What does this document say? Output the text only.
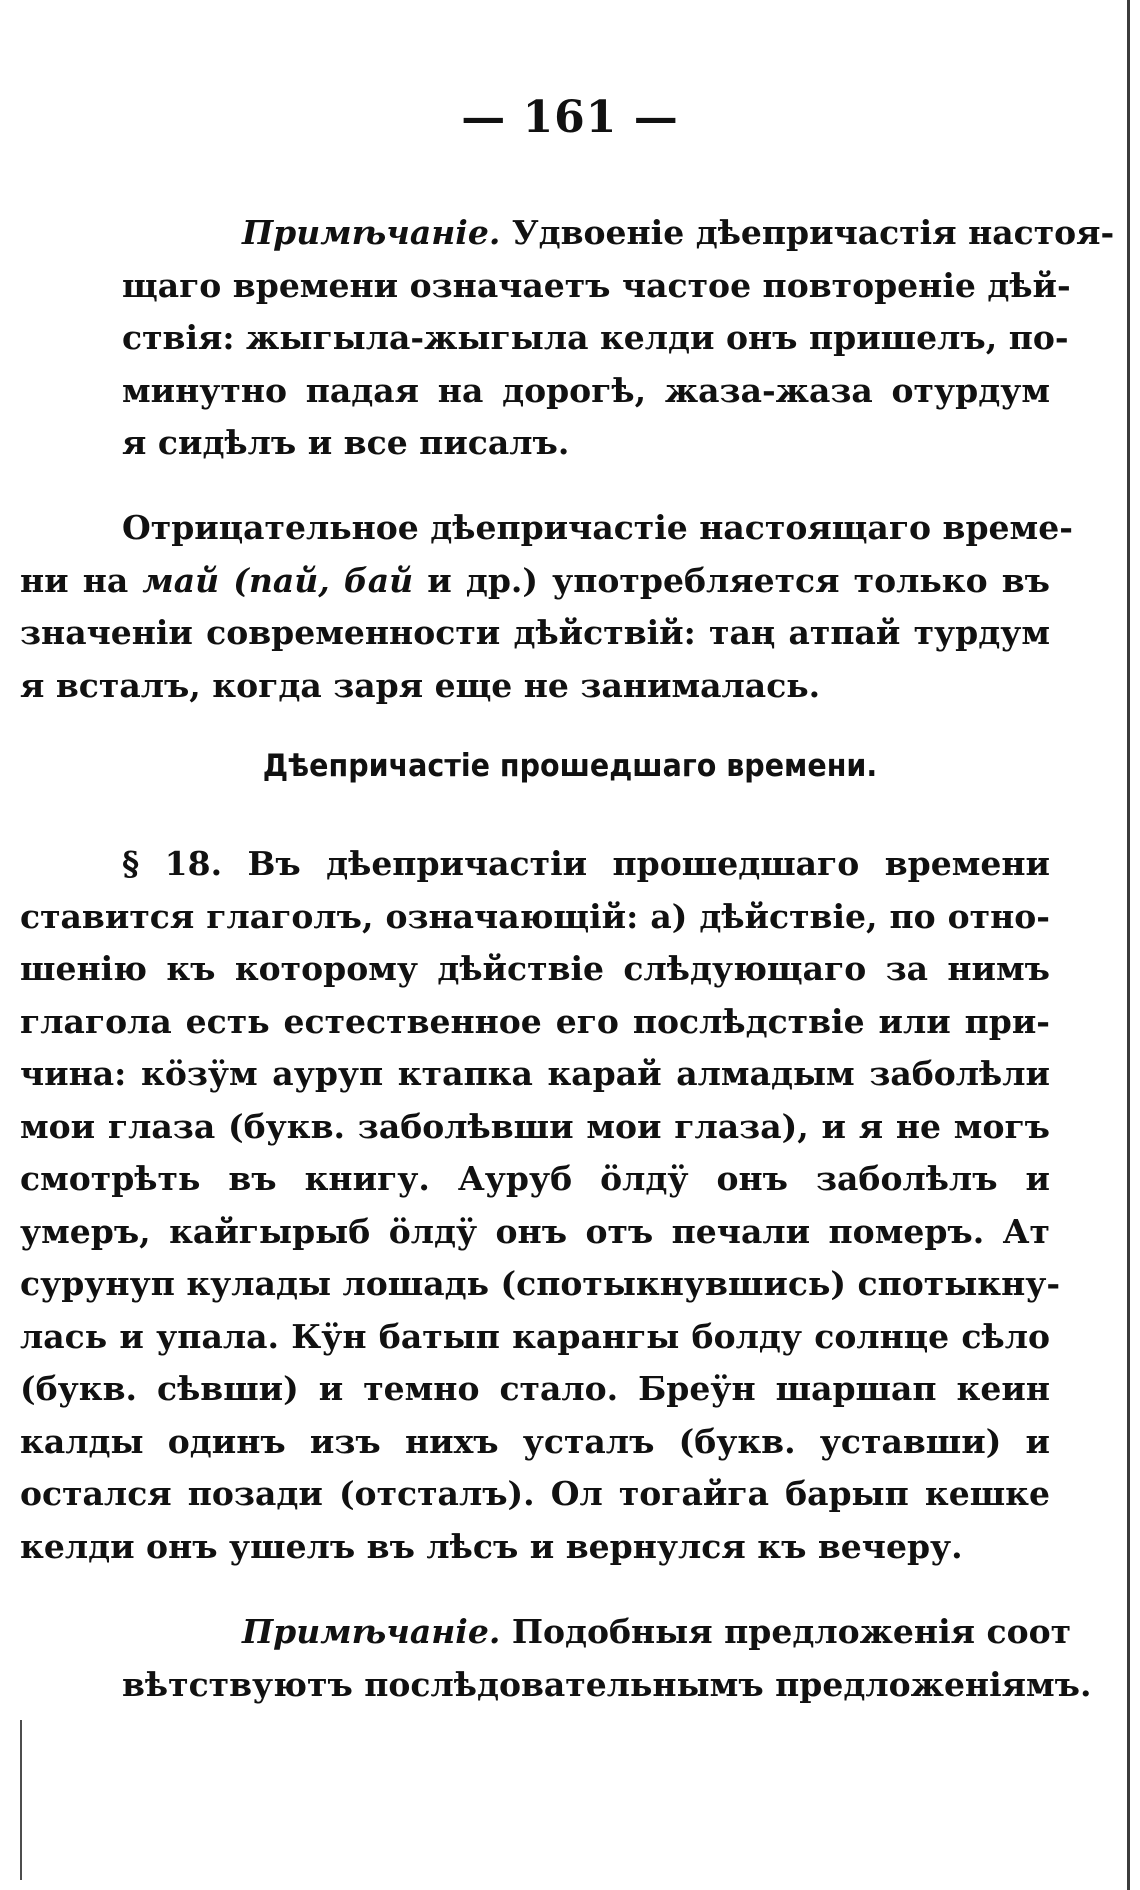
— 161 —
Примѣчаніе. Удвоеніе дѣепричастія настоя-
щаго времени означаетъ частое повтореніе дѣй-
ствія: жыгыла-жыгыла келди онъ пришелъ, по-
минутно падая на дорогѣ, жаза-жаза отурдум
я сидѣлъ и все писалъ.
Отрицательное дѣепричастіе настоящаго време-
ни на май (пай, бай и др.) употребляется только въ
значеніи современности дѣйствій: таң атпай турдум
я всталъ, когда заря еще не занималась.
Дѣепричастіе прошедшаго времени.
§ 18. Въ дѣепричастіи прошедшаго времени
ставится глаголъ, означающій: а) дѣйствіе, по отно-
шенію къ которому дѣйствіе слѣдующаго за нимъ
глагола есть естественное его послѣдствіе или при-
чина: кöзӱм ауруп ктапка карай алмадым заболѣли
мои глаза (букв. заболѣвши мои глаза), и я не могъ
смотрѣть въ книгу. Ауруб öлдӱ онъ заболѣлъ и
умеръ, кайгырыб öлдӱ онъ отъ печали померъ. Ат
сурунуп кулады лошадь (спотыкнувшись) спотыкну-
лась и упала. Кӱн батып карангы болду солнце сѣло
(букв. сѣвши) и темно стало. Бреӱн шаршап кеин
калды одинъ изъ нихъ усталъ (букв. уставши) и
остался позади (отсталъ). Ол тогайга барып кешке
келди онъ ушелъ въ лѣсъ и вернулся къ вечеру.
Примѣчаніе. Подобныя предложенія соот
вѣтствуютъ послѣдовательнымъ предложеніямъ.
